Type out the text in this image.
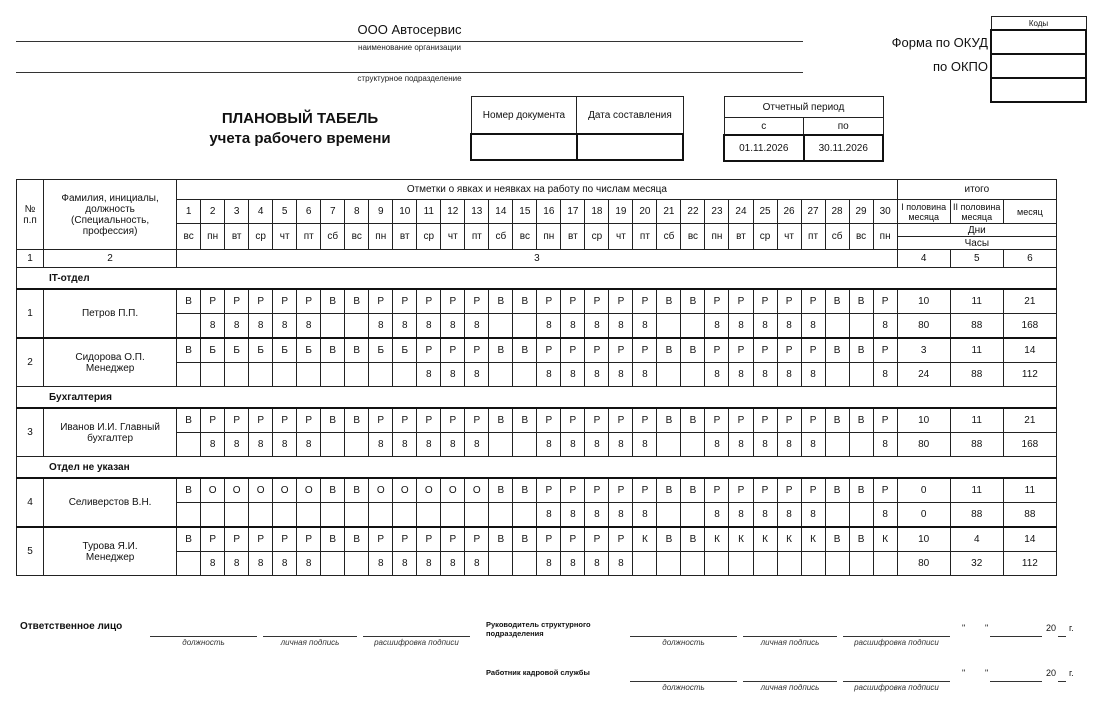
ООО Автосервис
наименование организации
структурное подразделение
Форма по ОКУД
по ОКПО
Коды

ПЛАНОВЫЙ ТАБЕЛЬ
учета рабочего времени
Номер документа	Дата составления

Отчетный период	
с	по
01.11.2026	30.11.2026
№ п.п	Фамилия, инициалы, должность (Специальность, профессия)	Отметки о явках и неявках на работу по числам месяца																														итого		
		1	2	3	4	5	6	7	8	9	10	11	12	13	14	15	16	17	18	19	20	21	22	23	24	25	26	27	28	29	30	I половина месяца	II половина месяца	месяц

		вс	пн	вт	ср	чт	пт	сб	вс	пн	вт	ср	чт	пт	сб	вс	пн	вт	ср	чт	пт	сб	вс	пн	вт	ср	чт	пт	сб	вс	пн	Дни		
																																Часы		
1	2	3																														4	5	6
IT-отдел																																		
1	Петров П.П.	В	Р	Р	Р	Р	Р	В	В	Р	Р	Р	Р	Р	В	В	Р	Р	Р	Р	Р	В	В	Р	Р	Р	Р	Р	В	В	Р	10	11	21
			8	8	8	8	8			8	8	8	8	8			8	8	8	8	8			8	8	8	8	8			8	80	88	168
2	Сидорова О.П. Менеджер	В	Б	Б	Б	Б	Б	В	В	Б	Б	Р	Р	Р	В	В	Р	Р	Р	Р	Р	В	В	Р	Р	Р	Р	Р	В	В	Р	3	11	14
												8	8	8			8	8	8	8	8			8	8	8	8	8			8	24	88	112
Бухгалтерия																																		
3	Иванов И.И. Главный бухгалтер	В	Р	Р	Р	Р	Р	В	В	Р	Р	Р	Р	Р	В	В	Р	Р	Р	Р	Р	В	В	Р	Р	Р	Р	Р	В	В	Р	10	11	21
			8	8	8	8	8			8	8	8	8	8			8	8	8	8	8			8	8	8	8	8			8	80	88	168
Отдел не указан																																		
4	Селиверстов В.Н.	В	О	О	О	О	О	В	В	О	О	О	О	О	В	В	Р	Р	Р	Р	Р	В	В	Р	Р	Р	Р	Р	В	В	Р	0	11	11
																	8	8	8	8	8			8	8	8	8	8			8	0	88	88
5	Турова Я.И. Менеджер	В	Р	Р	Р	Р	Р	В	В	Р	Р	Р	Р	Р	В	В	Р	Р	Р	Р	К	В	В	К	К	К	К	К	В	В	К	10	4	14
			8	8	8	8	8			8	8	8	8	8			8	8	8	8												80	32	112
Ответственное лицо
должность	личная подпись	расшифровка подписи
Руководитель структурного подразделения
должность	личная подпись	расшифровка подписи
" "	20 г.
Работник кадровой службы
должность	личная подпись	расшифровка подписи
" "	20 г.
